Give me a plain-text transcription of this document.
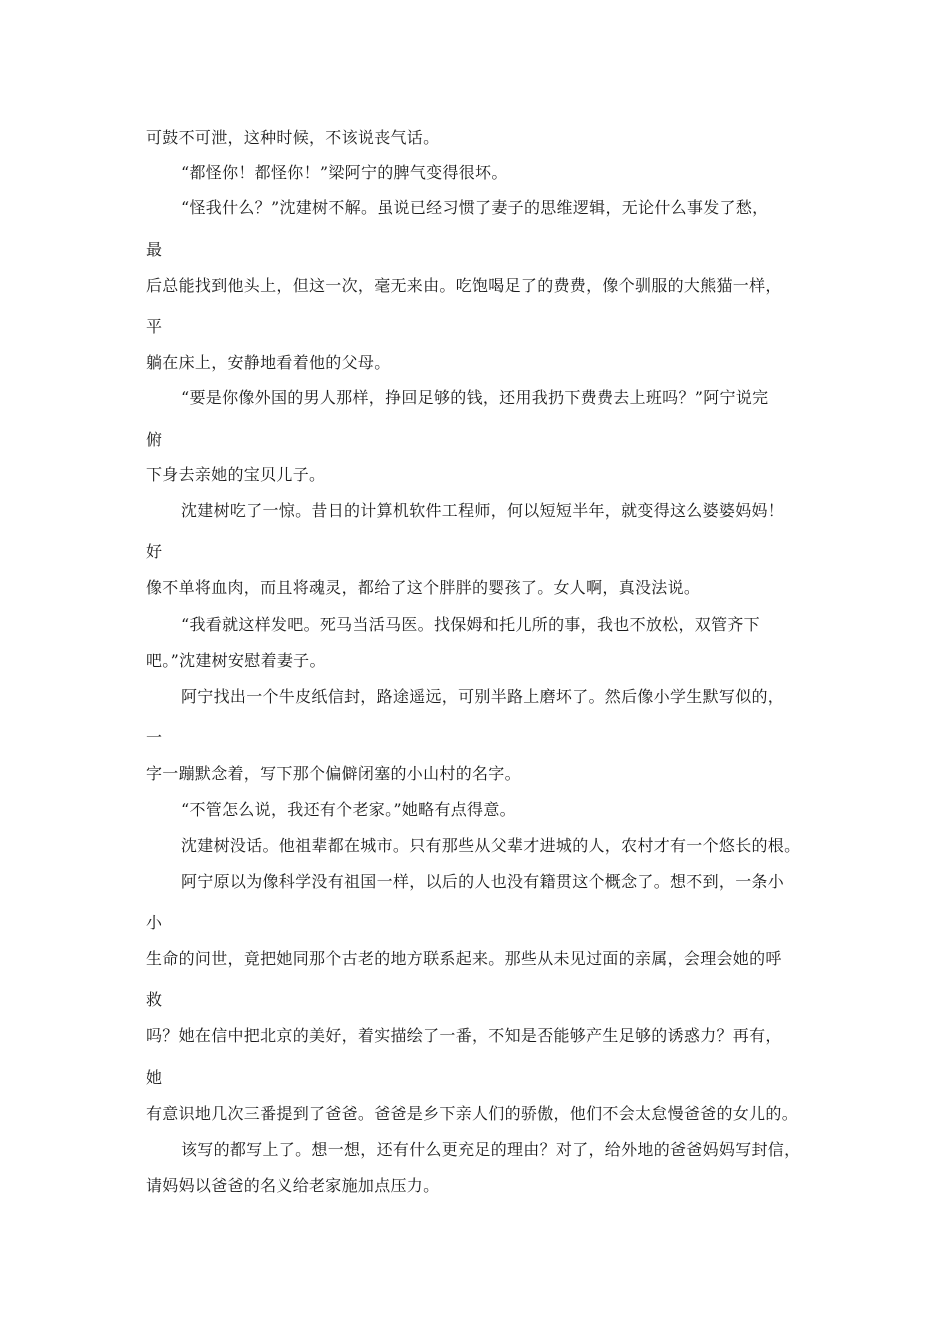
可鼓不可泄，这种时候，不该说丧气话。
“都怪你！都怪你！”梁阿宁的脾气变得很坏。
“怪我什么？”沈建树不解。虽说已经习惯了妻子的思维逻辑，无论什么事发了愁，
最
后总能找到他头上，但这一次，毫无来由。吃饱喝足了的费费，像个驯服的大熊猫一样，
平
躺在床上，安静地看着他的父母。
“要是你像外国的男人那样，挣回足够的钱，还用我扔下费费去上班吗？”阿宁说完
俯
下身去亲她的宝贝儿子。
沈建树吃了一惊。昔日的计算机软件工程师，何以短短半年，就变得这么婆婆妈妈！
好
像不单将血肉，而且将魂灵，都给了这个胖胖的婴孩了。女人啊，真没法说。
“我看就这样发吧。死马当活马医。找保姆和托儿所的事，我也不放松，双管齐下
吧。”沈建树安慰着妻子。
阿宁找出一个牛皮纸信封，路途遥远，可别半路上磨坏了。然后像小学生默写似的，
一
字一蹦默念着，写下那个偏僻闭塞的小山村的名字。
“不管怎么说，我还有个老家。”她略有点得意。
沈建树没话。他祖辈都在城市。只有那些从父辈才进城的人，农村才有一个悠长的根。
阿宁原以为像科学没有祖国一样，以后的人也没有籍贯这个概念了。想不到，一条小
小
生命的问世，竟把她同那个古老的地方联系起来。那些从未见过面的亲属，会理会她的呼
救
吗？她在信中把北京的美好，着实描绘了一番，不知是否能够产生足够的诱惑力？再有，
她
有意识地几次三番提到了爸爸。爸爸是乡下亲人们的骄傲，他们不会太怠慢爸爸的女儿的。
该写的都写上了。想一想，还有什么更充足的理由？对了，给外地的爸爸妈妈写封信，
请妈妈以爸爸的名义给老家施加点压力。
